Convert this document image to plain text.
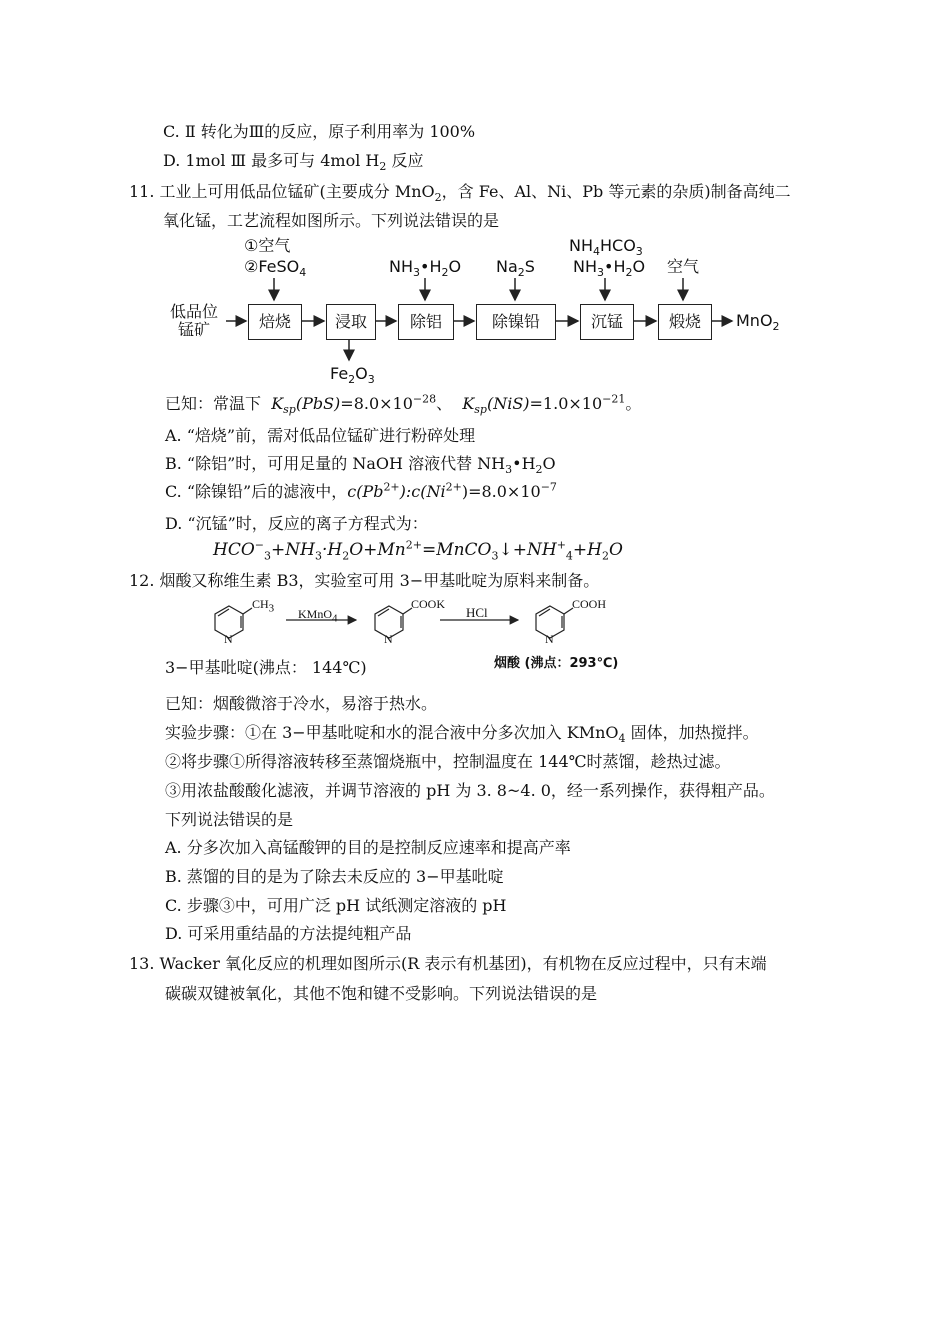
C. Ⅱ 转化为Ⅲ的反应，原子利用率为 100%
D. 1mol Ⅲ 最多可与 4mol $H_2$ 反应
11. 工业上可用低品位锰矿(主要成分 MnO$_2$，含 Fe、Al、Ni、Pb 等元素的杂质)制备高纯二
氧化锰，工艺流程如图所示。下列说法错误的是
低品位
锰矿	焙烧	浸取	除铝	除镍铅	沉锰	煅烧
①空气
②FeSO$_4$	$NH_3•H_2O$ $Na_2S$
$NH_4HCO_3$
$NH_3•H_2O$ 空气
$Fe_2O_3$
MnO$_2$
已知：常温下 $K_{sp}(PbS)=8.0\times 10^{-28}$、 $K_{sp}(NiS)=1.0\times 10^{-21}$。
A. “焙烧”前，需对低品位锰矿进行粉碎处理
B. “除铝”时，可用足量的 NaOH 溶液代替 $NH_3•H_2O$
C. “除镍铅”后的滤液中，$c(Pb^{2+}):c(Ni^{2+})=8.0\times 10^{-7}$
D. “沉锰”时，反应的离子方程式为：
$HCO^-_3+NH_3\cdot H_2O+Mn^{2+}=MnCO_3↓+NH^+_4+H_2O$
12. 烟酸又称维生素 B3，实验室可用 3−甲基吡啶为原料来制备。
N	N	N
$CH_3$ KMnO$_4$
COOK
HCl
COOH
3−甲基吡啶(沸点： 144℃)	烟酸 (沸点：293℃)
已知：烟酸微溶于冷水，易溶于热水。
实验步骤：①在 3−甲基吡啶和水的混合液中分多次加入 KMnO$_4$ 固体，加热搅拌。
②将步骤①所得溶液转移至蒸馏烧瓶中，控制温度在 144℃时蒸馏，趁热过滤。
③用浓盐酸酸化滤液，并调节溶液的 pH 为 3. 8~4. 0，经一系列操作，获得粗产品。
下列说法错误的是
A. 分多次加入高锰酸钾的目的是控制反应速率和提高产率
B. 蒸馏的目的是为了除去未反应的 3−甲基吡啶
C. 步骤③中，可用广泛 pH 试纸测定溶液的 pH
D. 可采用重结晶的方法提纯粗产品
13. Wacker 氧化反应的机理如图所示(R 表示有机基团)，有机物在反应过程中，只有末端
碳碳双键被氧化，其他不饱和键不受影响。下列说法错误的是
